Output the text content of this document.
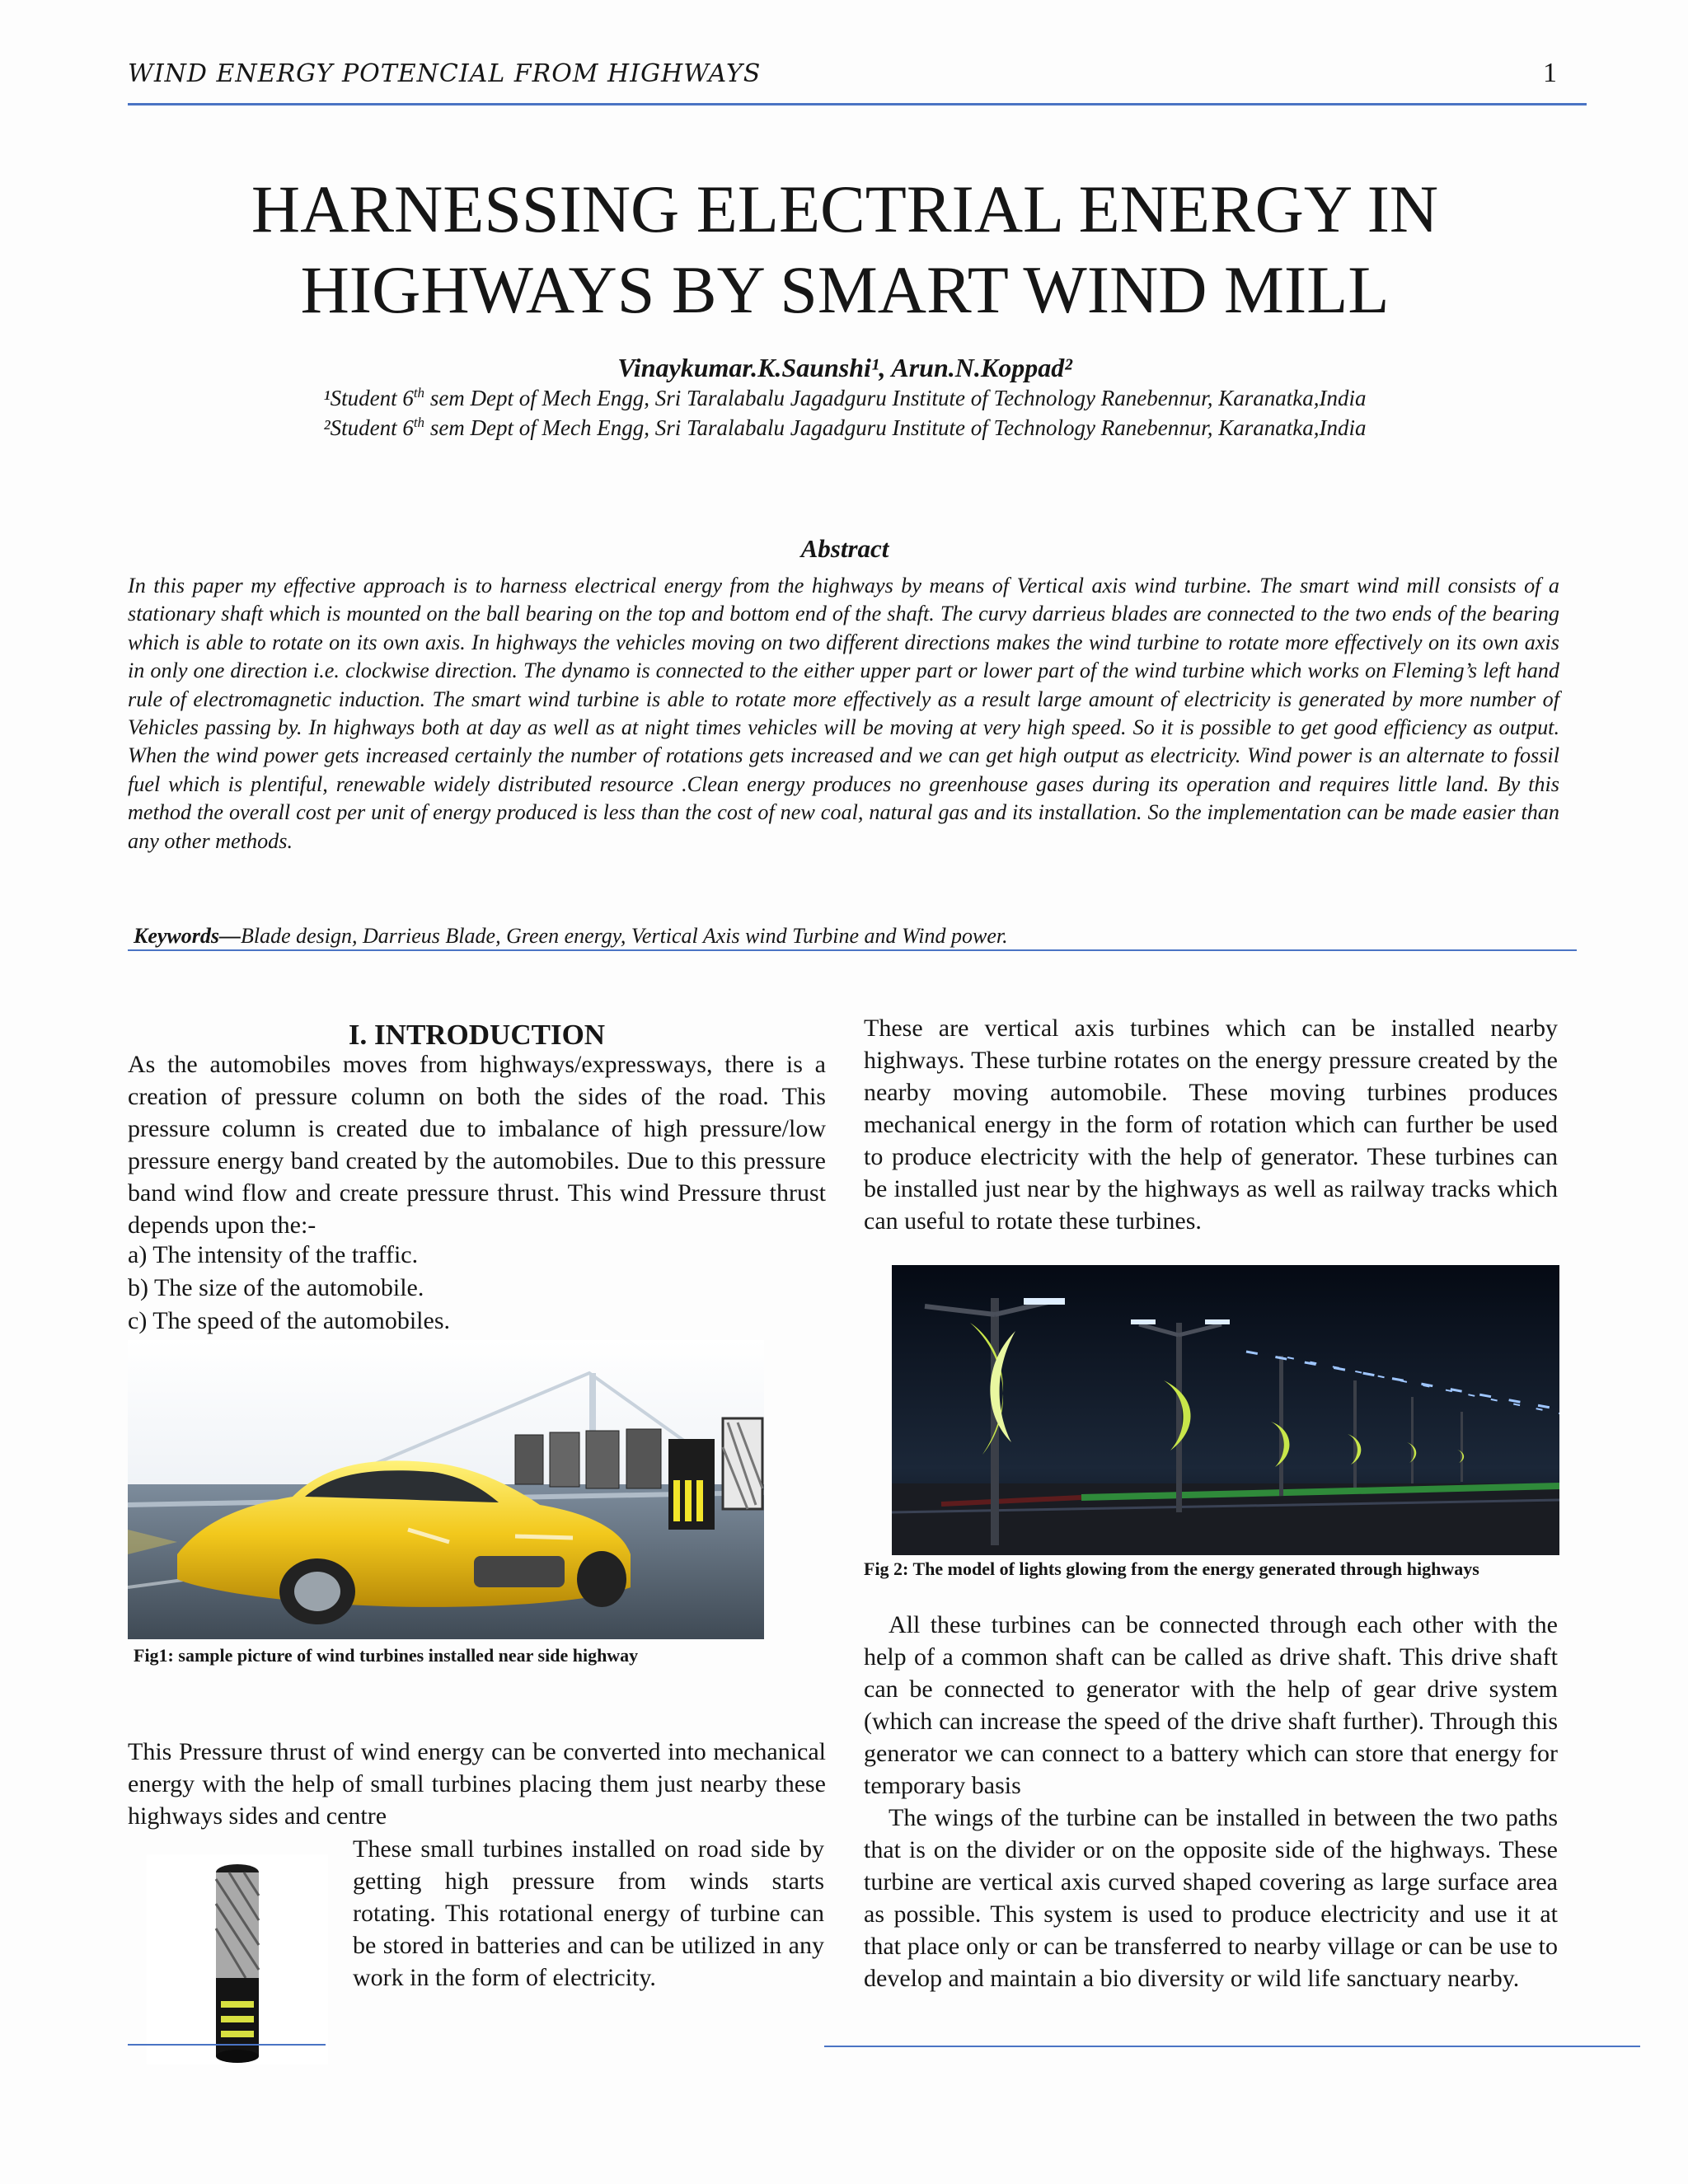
WIND ENERGY POTENCIAL FROM HIGHWAYS	1
HARNESSING ELECTRIAL ENERGY IN
HIGHWAYS BY SMART WIND MILL
Vinaykumar.K.Saunshi¹, Arun.N.Koppad²
¹Student 6th sem Dept of Mech Engg, Sri Taralabalu Jagadguru Institute of Technology Ranebennur, Karanatka,India
²Student 6th sem Dept of Mech Engg, Sri Taralabalu Jagadguru Institute of Technology Ranebennur, Karanatka,India
Abstract

In this paper my effective approach is to harness electrical energy from the highways by means of Vertical axis wind turbine. The smart wind mill consists of a stationary shaft which is mounted on the ball bearing on the top and bottom end of the shaft. The curvy darrieus blades are connected to the two ends of the bearing which is able to rotate on its own axis. In highways the vehicles moving on two different directions makes the wind turbine to rotate more effectively on its own axis in only one direction i.e. clockwise direction. The dynamo is connected to the either upper part or lower part of the wind turbine which works on Fleming’s left hand rule of electromagnetic induction. The smart wind turbine is able to rotate more effectively as a result large amount of electricity is generated by more number of Vehicles passing by. In highways both at day as well as at night times vehicles will be moving at very high speed. So it is possible to get good efficiency as output. When the wind power gets increased certainly the number of rotations gets increased and we can get high output as electricity. Wind power is an alternate to fossil fuel which is plentiful, renewable widely distributed resource .Clean energy produces no greenhouse gases during its operation and requires little land. By this method the overall cost per unit of energy produced is less than the cost of new coal, natural gas and its installation. So the implementation can be made easier than any other methods.

Keywords—Blade design, Darrieus Blade, Green energy, Vertical Axis wind Turbine and Wind power.
I. INTRODUCTION

As the automobiles moves from highways/expressways, there is a creation of pressure column on both the sides of the road. This pressure column is created due to imbalance of high pressure/low pressure energy band created by the automobiles. Due to this pressure band wind flow and create pressure thrust. This wind Pressure thrust depends upon the:-

a) The intensity of the traffic.
b) The size of the automobile.
c) The speed of the automobiles.
Fig1: sample picture of wind turbines installed near side highway

This Pressure thrust of wind energy can be converted into mechanical energy with the help of small turbines placing them just nearby these highways sides and centre

These small turbines installed on road side by getting high pressure from winds starts rotating. This rotational energy of turbine can be stored in batteries and can be utilized in any work in the form of electricity.

These are vertical axis turbines which can be installed nearby highways. These turbine rotates on the energy pressure created by the nearby moving automobile. These moving turbines produces mechanical energy in the form of rotation which can further be used to produce electricity with the help of generator. These turbines can be installed just near by the highways as well as railway tracks which can useful to rotate these turbines.

Fig 2: The model of lights glowing from the energy generated through highways

 All these turbines can be connected through each other with the help of a common shaft can be called as drive shaft. This drive shaft can be connected to generator with the help of gear drive system (which can increase the speed of the drive shaft further). Through this generator we can connect to a battery which can store that energy for temporary basis
 The wings of the turbine can be installed in between the two paths that is on the divider or on the opposite side of the highways. These turbine are vertical axis curved shaped covering as large surface area as possible. This system is used to produce electricity and use it at that place only or can be transferred to nearby village or can be use to develop and maintain a bio diversity or wild life sanctuary nearby.
